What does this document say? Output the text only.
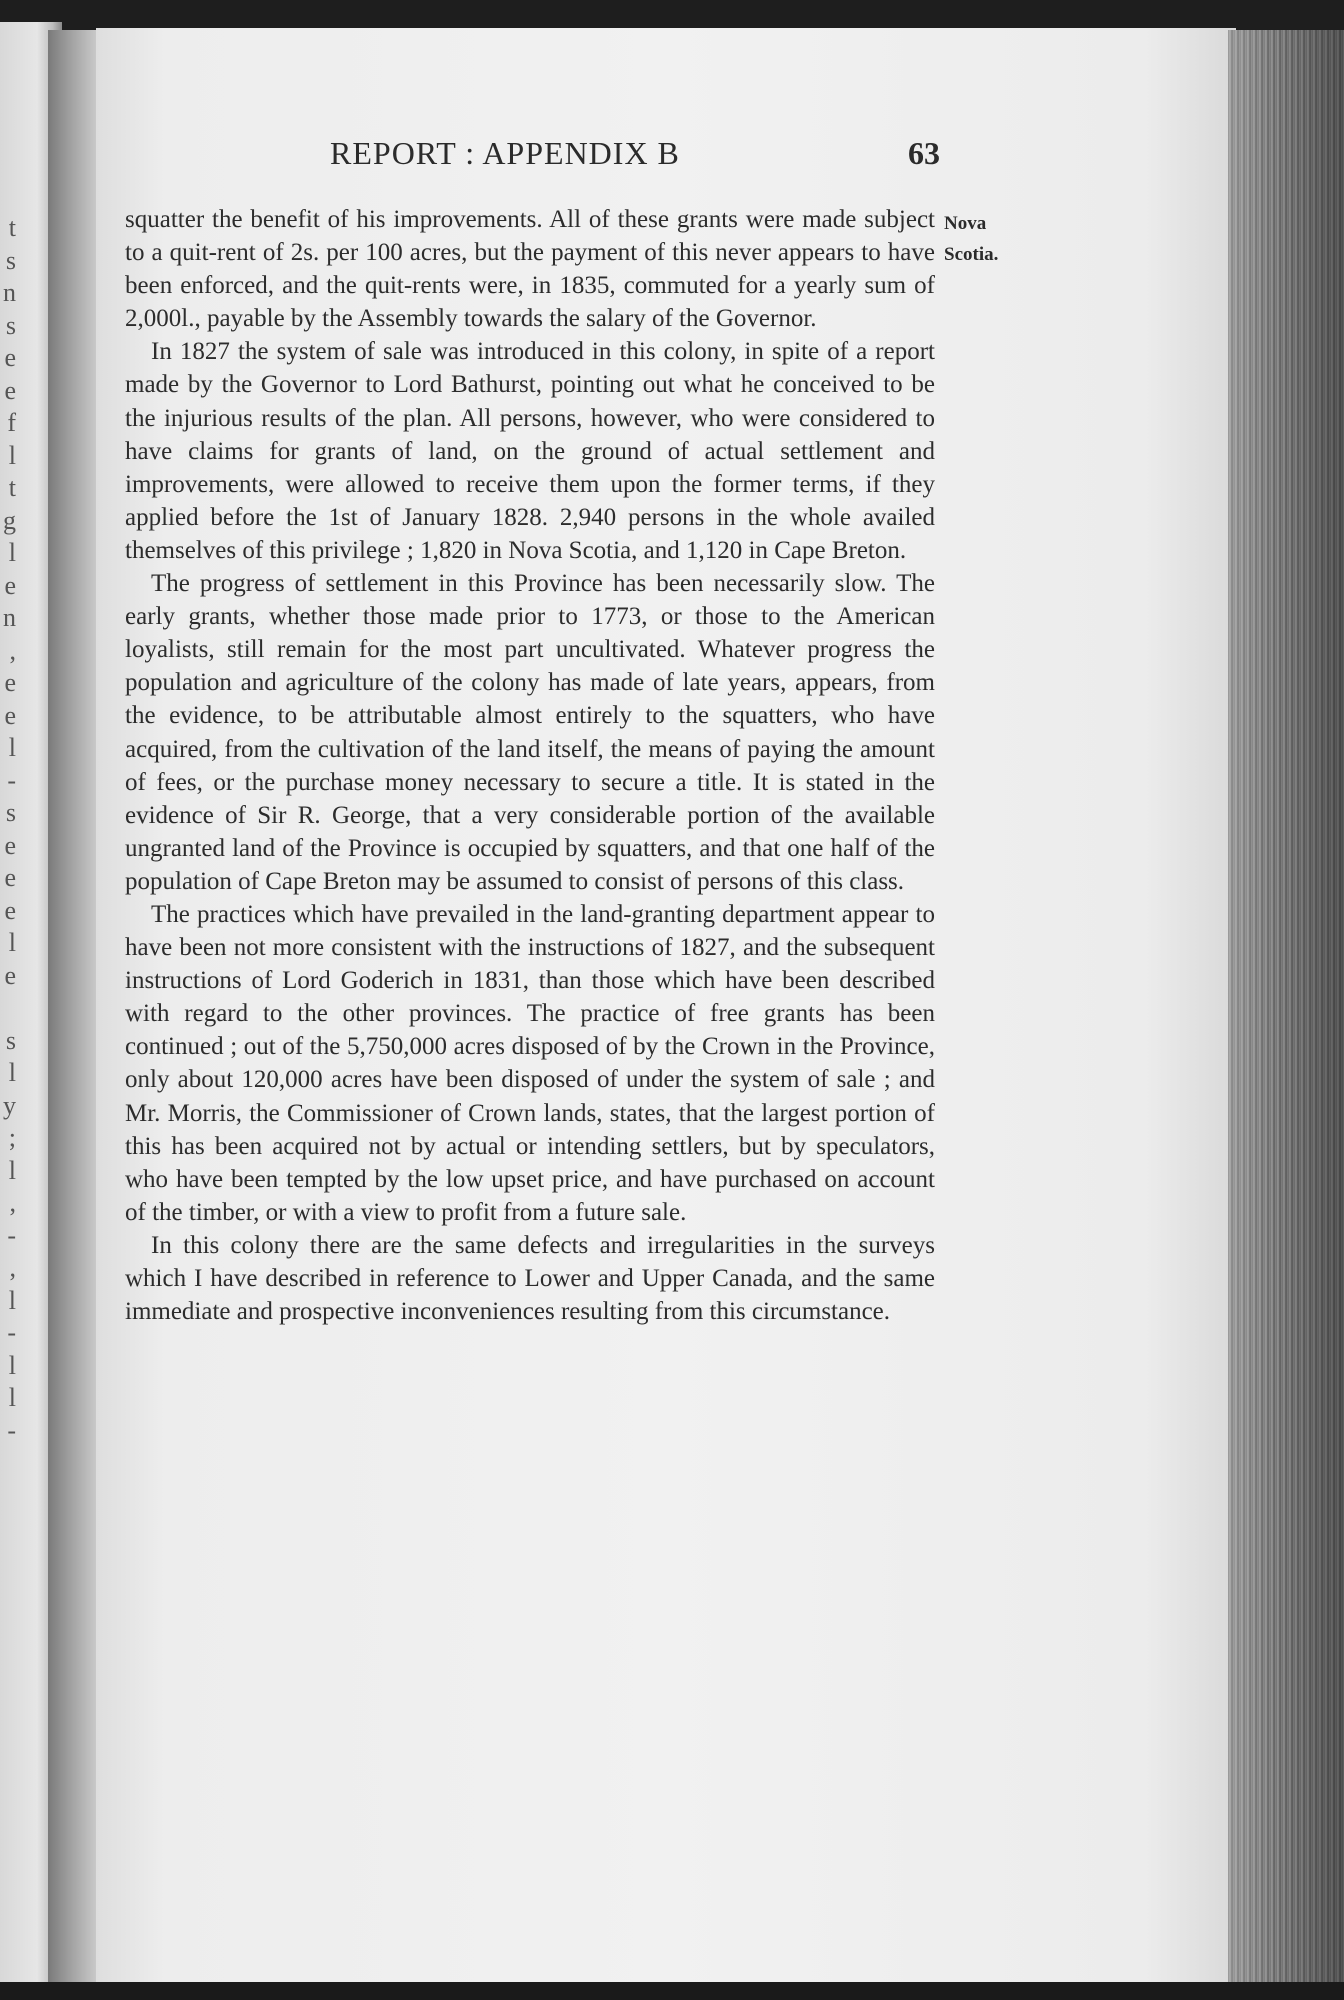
t
s
n
s
e
e
f
l
t
g
l
e
n
,
e
e
l
-
s
e
e
e
l
e

s
l
y
;
l
,
-
,
l
-
l
l
-
REPORT : APPENDIX B	63
Nova
Scotia.

squatter the benefit of his improvements. All of these grants were made subject to a quit-rent of 2s. per 100 acres, but the payment of this never appears to have been enforced, and the quit-rents were, in 1835, commuted for a yearly sum of 2,000l., payable by the Assembly towards the salary of the Governor.

In 1827 the system of sale was introduced in this colony, in spite of a report made by the Governor to Lord Bathurst, pointing out what he conceived to be the injurious results of the plan. All persons, however, who were considered to have claims for grants of land, on the ground of actual settlement and improvements, were allowed to receive them upon the former terms, if they applied before the 1st of January 1828. 2,940 persons in the whole availed themselves of this privilege ; 1,820 in Nova Scotia, and 1,120 in Cape Breton.

The progress of settlement in this Province has been necessarily slow. The early grants, whether those made prior to 1773, or those to the American loyalists, still remain for the most part uncultivated. Whatever progress the population and agriculture of the colony has made of late years, appears, from the evidence, to be attributable almost entirely to the squatters, who have acquired, from the cultivation of the land itself, the means of paying the amount of fees, or the purchase money necessary to secure a title. It is stated in the evidence of Sir R. George, that a very considerable portion of the available ungranted land of the Province is occupied by squatters, and that one half of the population of Cape Breton may be assumed to consist of persons of this class.

The practices which have prevailed in the land-granting department appear to have been not more consistent with the instructions of 1827, and the subsequent instructions of Lord Goderich in 1831, than those which have been described with regard to the other provinces. The practice of free grants has been continued ; out of the 5,750,000 acres disposed of by the Crown in the Province, only about 120,000 acres have been disposed of under the system of sale ; and Mr. Morris, the Commissioner of Crown lands, states, that the largest portion of this has been acquired not by actual or intending settlers, but by speculators, who have been tempted by the low upset price, and have purchased on account of the timber, or with a view to profit from a future sale.

In this colony there are the same defects and irregularities in the surveys which I have described in reference to Lower and Upper Canada, and the same immediate and prospective inconveniences resulting from this circumstance.
